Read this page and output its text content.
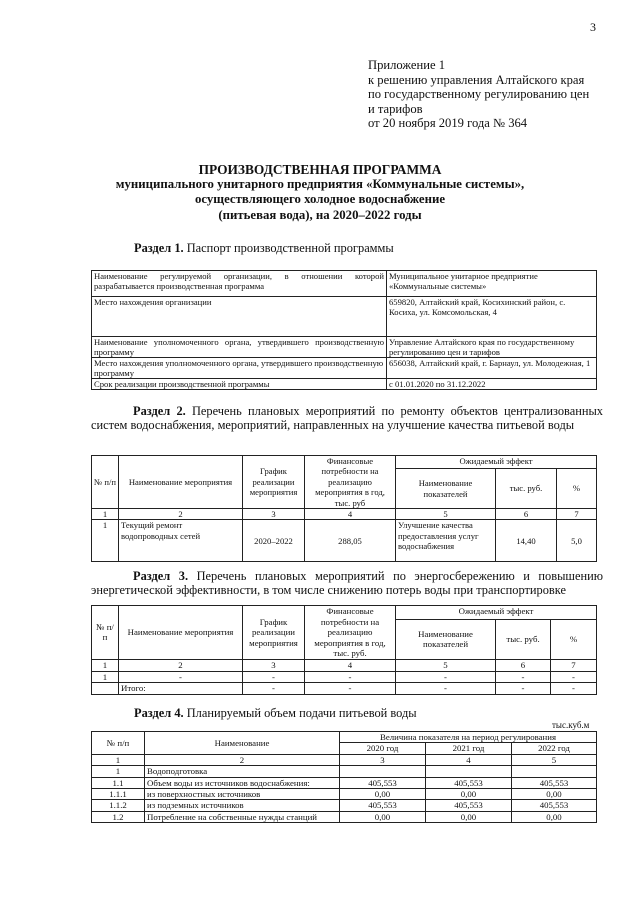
3
Приложение 1
к решению управления Алтайского края
по государственному регулированию цен
и тарифов
от 20 ноября 2019 года № 364
ПРОИЗВОДСТВЕННАЯ ПРОГРАММА
муниципального унитарного предприятия «Коммунальные системы»,
осуществляющего холодное водоснабжение
(питьевая вода), на 2020–2022 годы
Раздел 1. Паспорт производственной программы
Наименование регулируемой организации, в отношении которой разрабатывается производственная программа	Муниципальное унитарное предприятие «Коммунальные системы»
Место нахождения организации	659820, Алтайский край, Косихинский район, с. Косиха, ул. Комсомольская, 4
Наименование уполномоченного органа, утвердившего производственную программу	Управление Алтайского края по государственному регулированию цен и тарифов
Место нахождения уполномоченного органа, утвердившего производственную программу	656038, Алтайский край, г. Барнаул, ул. Молодежная, 1
Срок реализации производственной программы	с 01.01.2020 по 31.12.2022
Раздел 2. Перечень плановых мероприятий по ремонту объектов централизованных систем водоснабжения, мероприятий, направленных на улучшение качества питьевой воды
№ п/п	Наименование мероприятия	График реализации мероприятия	Финансовые потребности на реализацию мероприятия в год, тыс. руб	Ожидаемый эффект		
				Наименование показателей	тыс. руб.	%
1	2	3	4	5	6	7
1	Текущий ремонт водопроводных сетей	2020–2022	288,05	Улучшение качества предоставления услуг водоснабжения	14,40	5,0
Раздел 3. Перечень плановых мероприятий по энергосбережению и повышению энергетической эффективности, в том числе снижению потерь воды при транспортировке
№ п/п	Наименование мероприятия	График реализации мероприятия	Финансовые потребности на реализацию мероприятия в год, тыс. руб.	Ожидаемый эффект		
				Наименование показателей	тыс. руб.	%
1	2	3	4	5	6	7
1	-	-	-	-	-	-
	Итого:	-	-	-	-	-
Раздел 4. Планируемый объем подачи питьевой воды
тыс.куб.м
№ п/п	Наименование	Величина показателя на период регулирования		
		2020 год	2021 год	2022 год
1	2	3	4	5
1	Водоподготовка			
1.1	Объем воды из источников водоснабжения:	405,553	405,553	405,553
1.1.1	из поверхностных источников	0,00	0,00	0,00
1.1.2	из подземных источников	405,553	405,553	405,553
1.2	Потребление на собственные нужды станций	0,00	0,00	0,00
